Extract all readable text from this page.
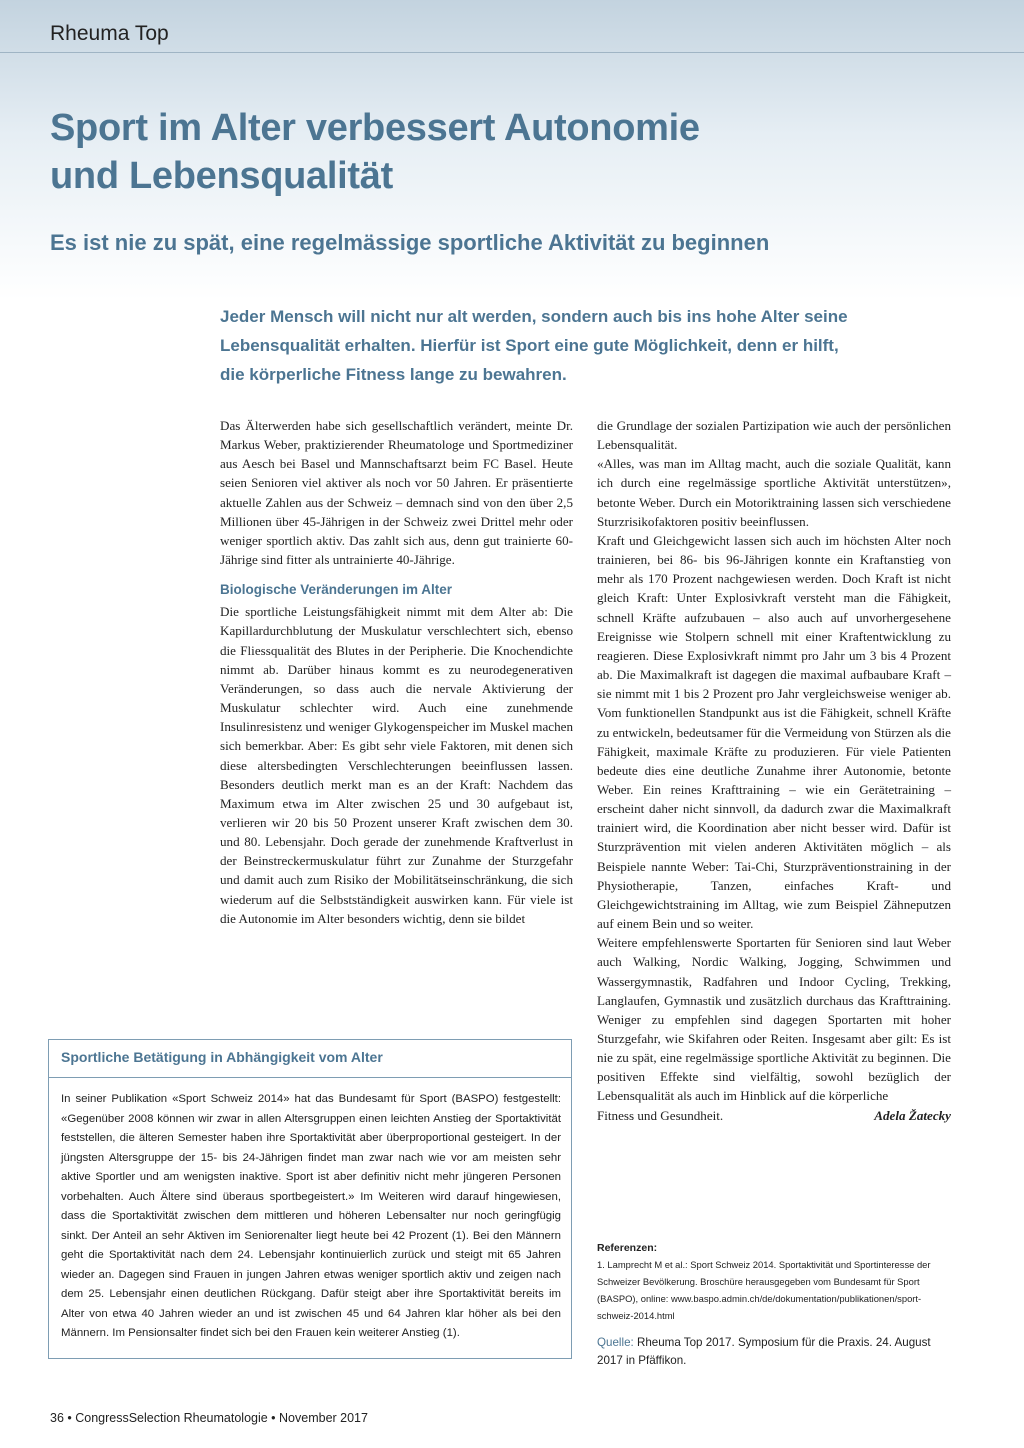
Rheuma Top
Sport im Alter verbessert Autonomie
und Lebensqualität
Es ist nie zu spät, eine regelmässige sportliche Aktivität zu beginnen
Jeder Mensch will nicht nur alt werden, sondern auch bis ins hohe Alter seine
Lebensqualität erhalten. Hierfür ist Sport eine gute Möglichkeit, denn er hilft,
die körperliche Fitness lange zu bewahren.

Das Älterwerden habe sich gesellschaftlich verändert, meinte Dr. Markus Weber, praktizierender Rheumatologe und Sportmediziner aus Aesch bei Basel und Mannschaftsarzt beim FC Basel. Heute seien Senioren viel aktiver als noch vor 50 Jahren. Er präsentierte aktuelle Zahlen aus der Schweiz – demnach sind von den über 2,5 Millionen über 45-Jährigen in der Schweiz zwei Drittel mehr oder weniger sportlich aktiv. Das zahlt sich aus, denn gut trainierte 60-Jährige sind fitter als untrainierte 40-Jährige.

Biologische Veränderungen im Alter

Die sportliche Leistungsfähigkeit nimmt mit dem Alter ab: Die Kapillardurchblutung der Muskulatur verschlechtert sich, ebenso die Fliessqualität des Blutes in der Peripherie. Die Knochendichte nimmt ab. Darüber hinaus kommt es zu neurodegenerativen Veränderungen, so dass auch die nervale Aktivierung der Muskulatur schlechter wird. Auch eine zunehmende Insulinresistenz und weniger Glykogenspeicher im Muskel machen sich bemerkbar. Aber: Es gibt sehr viele Faktoren, mit denen sich diese altersbedingten Verschlechterungen beeinflussen lassen. Besonders deutlich merkt man es an der Kraft: Nachdem das Maximum etwa im Alter zwischen 25 und 30 aufgebaut ist, verlieren wir 20 bis 50 Prozent unserer Kraft zwischen dem 30. und 80. Lebensjahr. Doch gerade der zunehmende Kraftverlust in der Beinstreckermuskulatur führt zur Zunahme der Sturzgefahr und damit auch zum Risiko der Mobilitätseinschränkung, die sich wiederum auf die Selbstständigkeit auswirken kann. Für viele ist die Autonomie im Alter besonders wichtig, denn sie bildet

die Grundlage der sozialen Partizipation wie auch der persönlichen Lebensqualität.

«Alles, was man im Alltag macht, auch die soziale Qualität, kann ich durch eine regelmässige sportliche Aktivität unterstützen», betonte Weber. Durch ein Motoriktraining lassen sich verschiedene Sturzrisikofaktoren positiv beeinflussen.

Kraft und Gleichgewicht lassen sich auch im höchsten Alter noch trainieren, bei 86- bis 96-Jährigen konnte ein Kraftanstieg von mehr als 170 Prozent nachgewiesen werden. Doch Kraft ist nicht gleich Kraft: Unter Explosivkraft versteht man die Fähigkeit, schnell Kräfte aufzubauen – also auch auf unvorhergesehene Ereignisse wie Stolpern schnell mit einer Kraftentwicklung zu reagieren. Diese Explosivkraft nimmt pro Jahr um 3 bis 4 Prozent ab. Die Maximalkraft ist dagegen die maximal aufbaubare Kraft – sie nimmt mit 1 bis 2 Prozent pro Jahr vergleichsweise weniger ab. Vom funktionellen Standpunkt aus ist die Fähigkeit, schnell Kräfte zu entwickeln, bedeutsamer für die Vermeidung von Stürzen als die Fähigkeit, maximale Kräfte zu produzieren. Für viele Patienten bedeute dies eine deutliche Zunahme ihrer Autonomie, betonte Weber. Ein reines Krafttraining – wie ein Gerätetraining – erscheint daher nicht sinnvoll, da dadurch zwar die Maximalkraft trainiert wird, die Koordination aber nicht besser wird. Dafür ist Sturzprävention mit vielen anderen Aktivitäten möglich – als Beispiele nannte Weber: Tai-Chi, Sturzpräventionstraining in der Physiotherapie, Tanzen, einfaches Kraft- und Gleichgewichtstraining im Alltag, wie zum Beispiel Zähneputzen auf einem Bein und so weiter.

Weitere empfehlenswerte Sportarten für Senioren sind laut Weber auch Walking, Nordic Walking, Jogging, Schwimmen und Wassergymnastik, Radfahren und Indoor Cycling, Trekking, Langlaufen, Gymnastik und zusätzlich durchaus das Krafttraining. Weniger zu empfehlen sind dagegen Sportarten mit hoher Sturzgefahr, wie Skifahren oder Reiten. Insgesamt aber gilt: Es ist nie zu spät, eine regelmässige sportliche Aktivität zu beginnen. Die positiven Effekte sind vielfältig, sowohl bezüglich der Lebensqualität als auch im Hinblick auf die körperliche

Fitness und Gesundheit.	Adela Žatecky
Sportliche Betätigung in Abhängigkeit vom Alter

In seiner Publikation «Sport Schweiz 2014» hat das Bundesamt für Sport (BASPO) festgestellt: «Gegenüber 2008 können wir zwar in allen Altersgruppen einen leichten Anstieg der Sportaktivität feststellen, die älteren Semester haben ihre Sportaktivität aber überproportional gesteigert. In der jüngsten Altersgruppe der 15- bis 24-Jährigen findet man zwar nach wie vor am meisten sehr aktive Sportler und am wenigsten inaktive. Sport ist aber definitiv nicht mehr jüngeren Personen vorbehalten. Auch Ältere sind überaus sportbegeistert.» Im Weiteren wird darauf hingewiesen, dass die Sportaktivität zwischen dem mittleren und höheren Lebensalter nur noch geringfügig sinkt. Der Anteil an sehr Aktiven im Seniorenalter liegt heute bei 42 Prozent (1). Bei den Männern geht die Sportaktivität nach dem 24. Lebensjahr kontinuierlich zurück und steigt mit 65 Jahren wieder an. Dagegen sind Frauen in jungen Jahren etwas weniger sportlich aktiv und zeigen nach dem 25. Lebensjahr einen deutlichen Rückgang. Dafür steigt aber ihre Sportaktivität bereits im Alter von etwa 40 Jahren wieder an und ist zwischen 45 und 64 Jahren klar höher als bei den Männern. Im Pensionsalter findet sich bei den Frauen kein weiterer Anstieg (1).

Referenzen:
1. Lamprecht M et al.: Sport Schweiz 2014. Sportaktivität und Sportinteresse der Schweizer Bevölkerung. Broschüre herausgegeben vom Bundesamt für Sport (BASPO), online: www.baspo.admin.ch/de/dokumentation/publikationen/sport-schweiz-2014.html
Quelle: Rheuma Top 2017. Symposium für die Praxis. 24. August 2017 in Pfäffikon.
36 • CongressSelection Rheumatologie • November 2017
